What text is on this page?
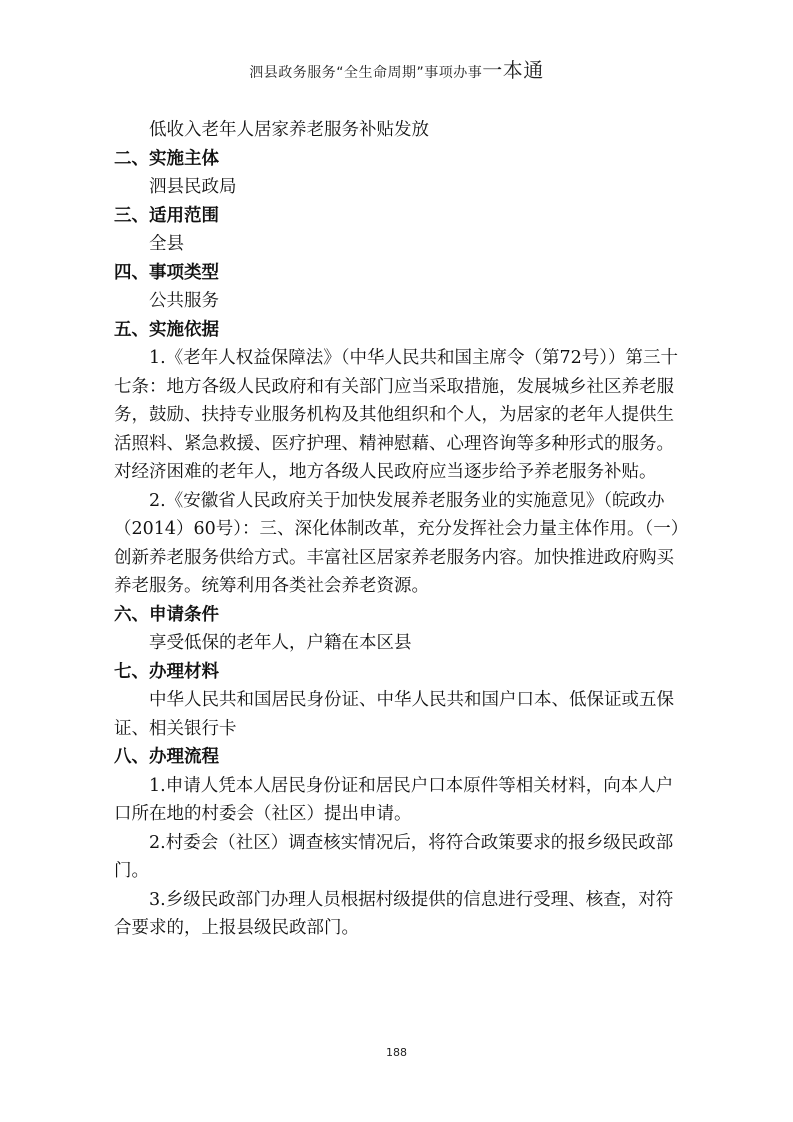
泗县政务服务“全生命周期”事项办事一本通

低收入老年人居家养老服务补贴发放

二、实施主体

泗县民政局

三、适用范围

全县

四、事项类型

公共服务

五、实施依据

1.《老年人权益保障法》（中华人民共和国主席令（第72号））第三十七条：地方各级人民政府和有关部门应当采取措施，发展城乡社区养老服务，鼓励、扶持专业服务机构及其他组织和个人，为居家的老年人提供生活照料、紧急救援、医疗护理、精神慰藉、心理咨询等多种形式的服务。对经济困难的老年人，地方各级人民政府应当逐步给予养老服务补贴。

2.《安徽省人民政府关于加快发展养老服务业的实施意见》（皖政办（2014）60号）：三、深化体制改革，充分发挥社会力量主体作用。（一）创新养老服务供给方式。丰富社区居家养老服务内容。加快推进政府购买养老服务。统筹利用各类社会养老资源。

六、申请条件

享受低保的老年人，户籍在本区县

七、办理材料

中华人民共和国居民身份证、中华人民共和国户口本、低保证或五保证、相关银行卡

八、办理流程

1.申请人凭本人居民身份证和居民户口本原件等相关材料，向本人户口所在地的村委会（社区）提出申请。

2.村委会（社区）调查核实情况后，将符合政策要求的报乡级民政部门。

3.乡级民政部门办理人员根据村级提供的信息进行受理、核查，对符合要求的，上报县级民政部门。

188
